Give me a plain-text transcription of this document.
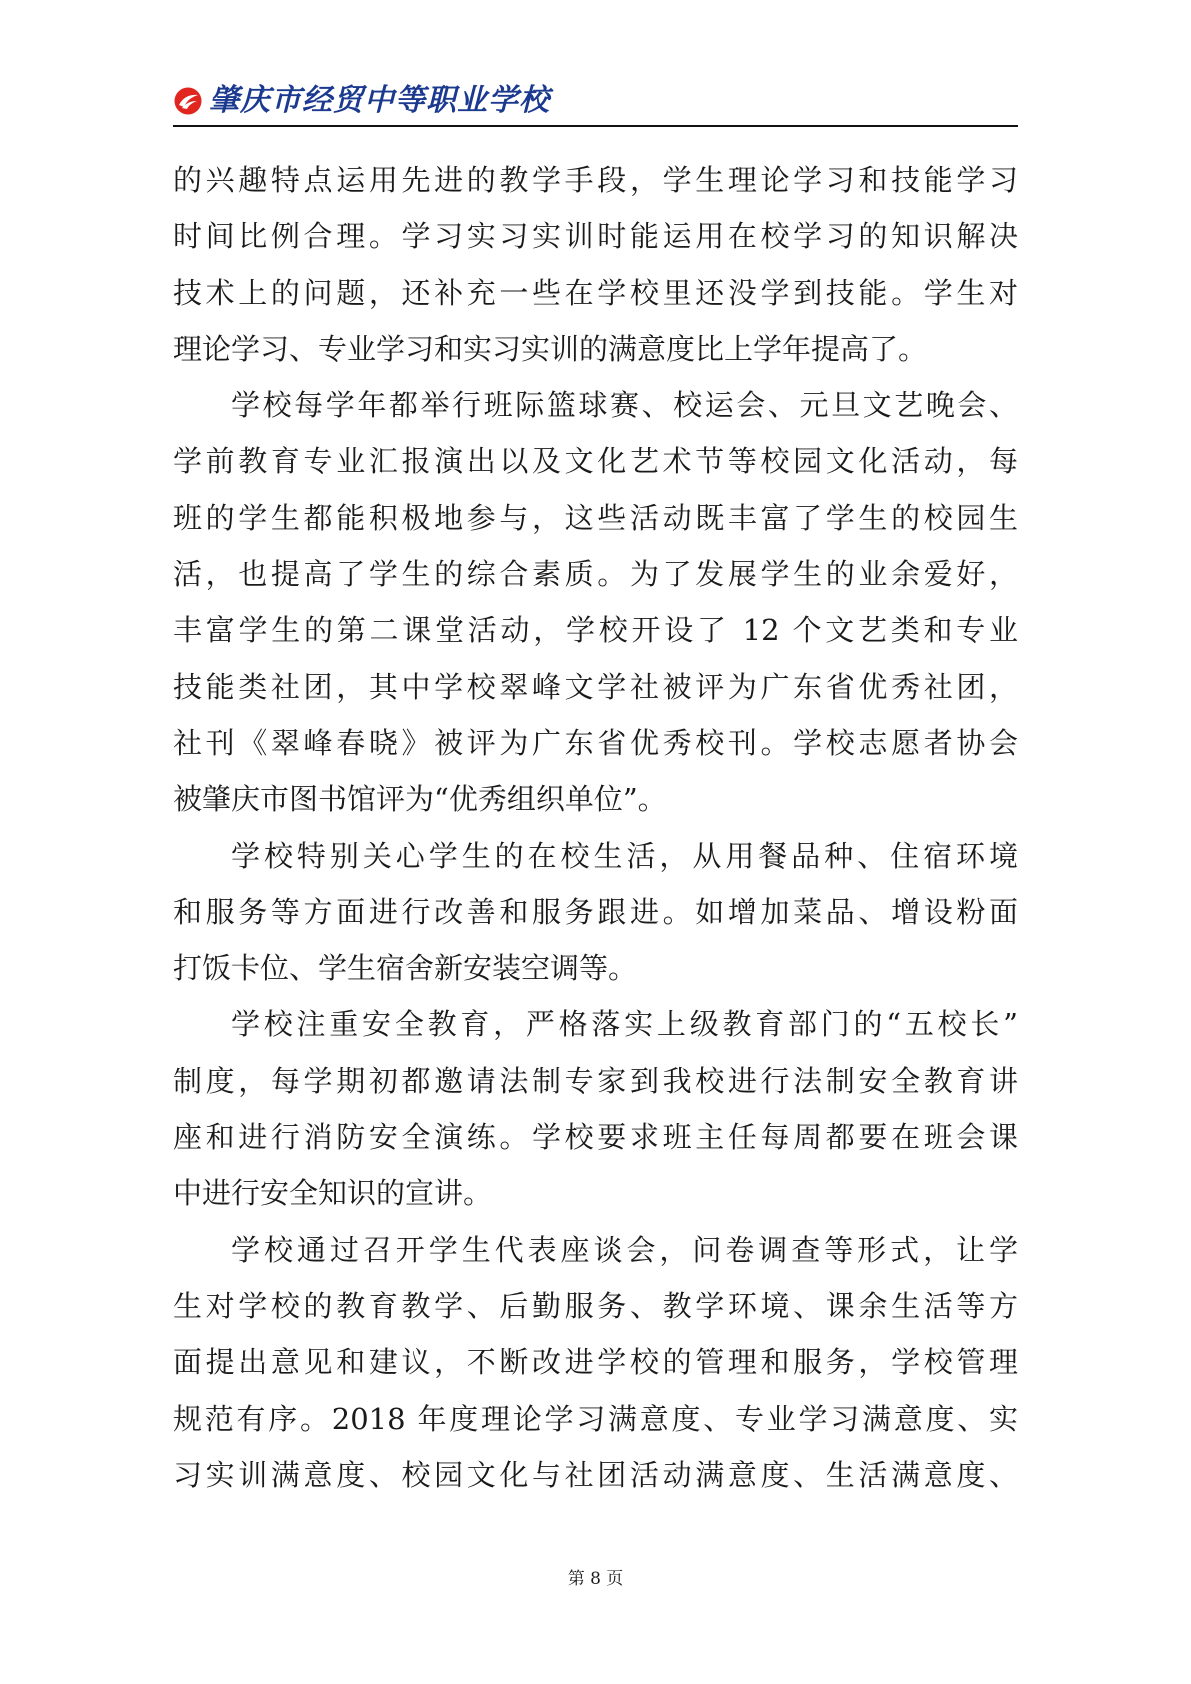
肇庆市经贸中等职业学校
的兴趣特点运用先进的教学手段，学生理论学习和技能学习
时间比例合理。学习实习实训时能运用在校学习的知识解决
技术上的问题，还补充一些在学校里还没学到技能。学生对
理论学习、专业学习和实习实训的满意度比上学年提高了。
学校每学年都举行班际篮球赛、校运会、元旦文艺晚会、
学前教育专业汇报演出以及文化艺术节等校园文化活动，每
班的学生都能积极地参与，这些活动既丰富了学生的校园生
活，也提高了学生的综合素质。为了发展学生的业余爱好，
丰富学生的第二课堂活动，学校开设了 12 个文艺类和专业
技能类社团，其中学校翠峰文学社被评为广东省优秀社团，
社刊《翠峰春晓》被评为广东省优秀校刊。学校志愿者协会
被肇庆市图书馆评为“优秀组织单位”。
学校特别关心学生的在校生活，从用餐品种、住宿环境
和服务等方面进行改善和服务跟进。如增加菜品、增设粉面
打饭卡位、学生宿舍新安装空调等。
学校注重安全教育，严格落实上级教育部门的“五校长”
制度，每学期初都邀请法制专家到我校进行法制安全教育讲
座和进行消防安全演练。学校要求班主任每周都要在班会课
中进行安全知识的宣讲。
学校通过召开学生代表座谈会，问卷调查等形式，让学
生对学校的教育教学、后勤服务、教学环境、课余生活等方
面提出意见和建议，不断改进学校的管理和服务，学校管理
规范有序。2018 年度理论学习满意度、专业学习满意度、实
习实训满意度、校园文化与社团活动满意度、生活满意度、
第 8 页
